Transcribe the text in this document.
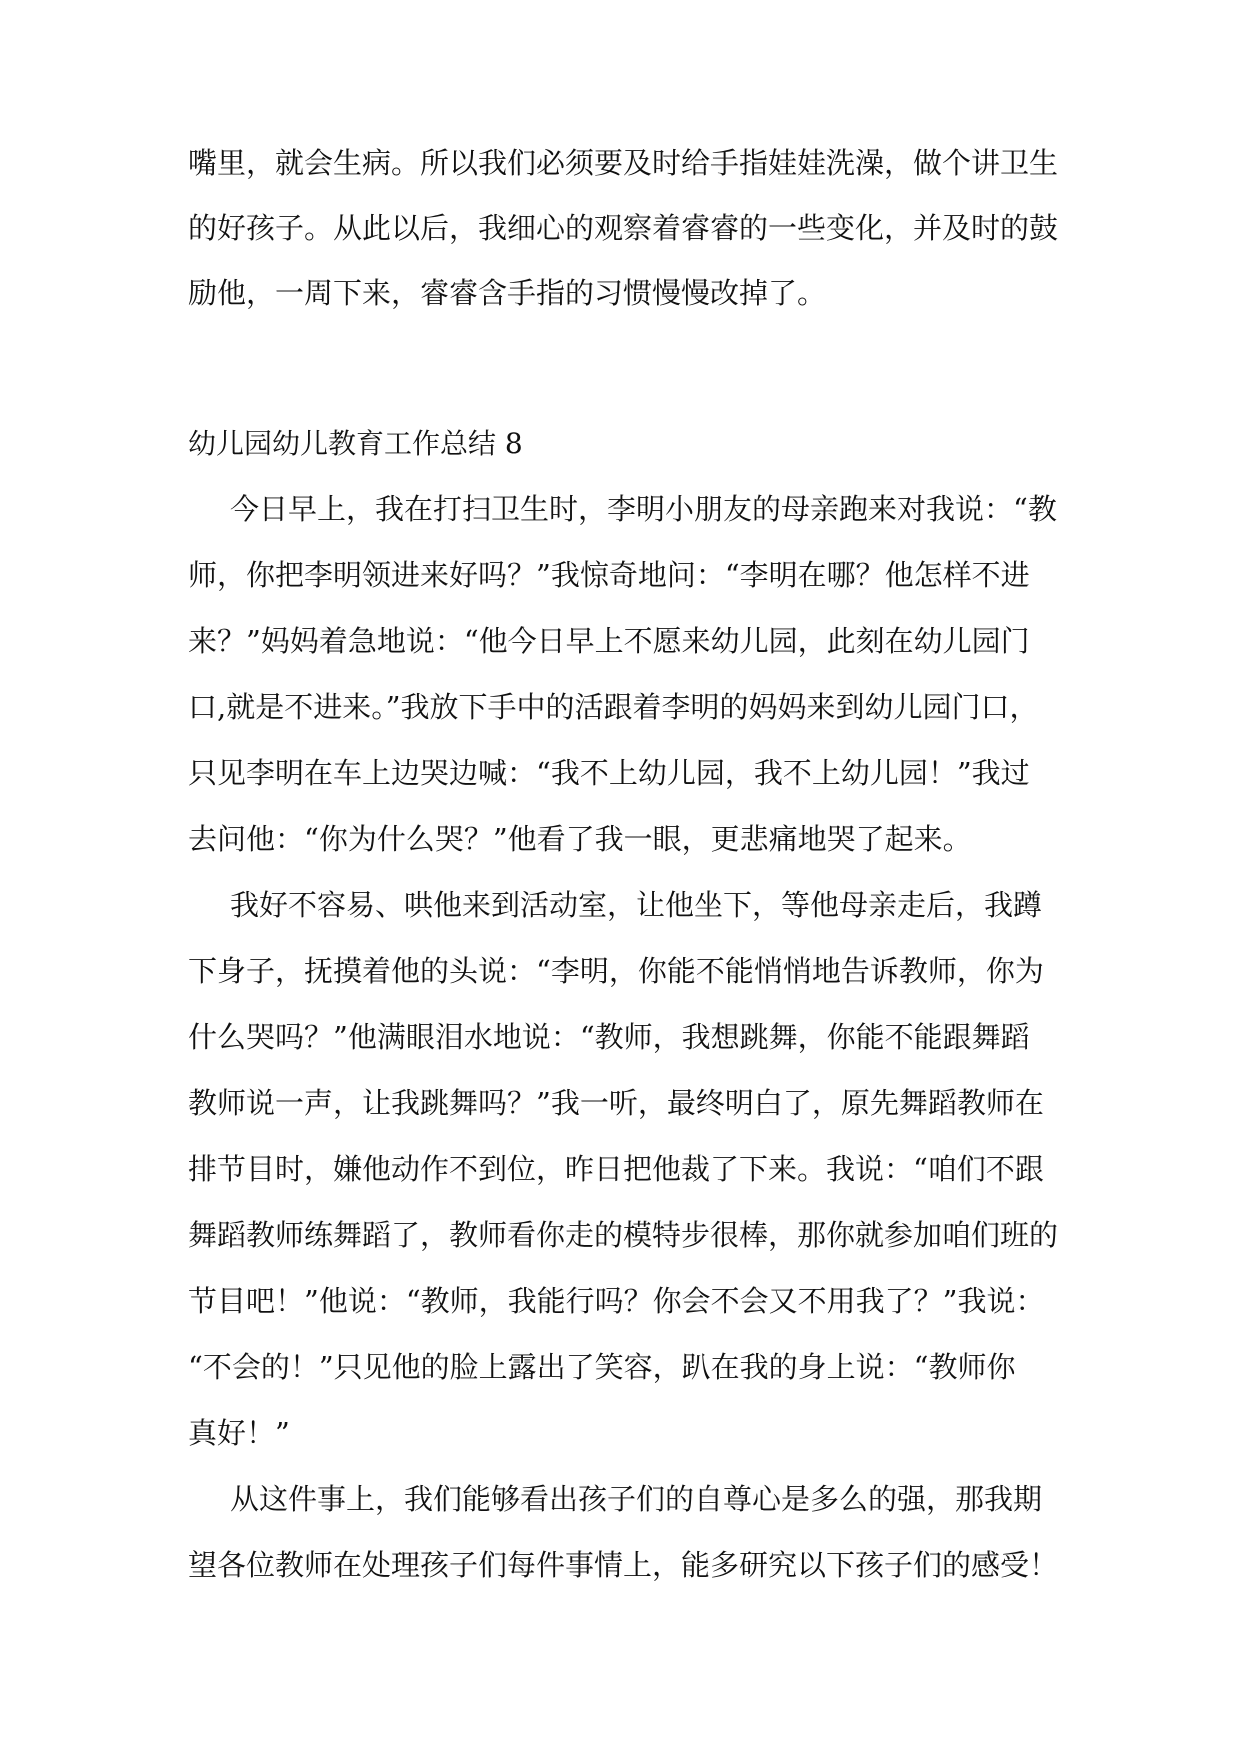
嘴里，就会生病。所以我们必须要及时给手指娃娃洗澡，做个讲卫生
的好孩子。从此以后，我细心的观察着睿睿的一些变化，并及时的鼓
励他，一周下来，睿睿含手指的习惯慢慢改掉了。
幼儿园幼儿教育工作总结 8
今日早上，我在打扫卫生时，李明小朋友的母亲跑来对我说：“教
师，你把李明领进来好吗？”我惊奇地问：“李明在哪？他怎样不进
来？”妈妈着急地说：“他今日早上不愿来幼儿园，此刻在幼儿园门
口,就是不进来。”我放下手中的活跟着李明的妈妈来到幼儿园门口，
只见李明在车上边哭边喊：“我不上幼儿园，我不上幼儿园！”我过
去问他：“你为什么哭？”他看了我一眼，更悲痛地哭了起来。
我好不容易、哄他来到活动室，让他坐下，等他母亲走后，我蹲
下身子，抚摸着他的头说：“李明，你能不能悄悄地告诉教师，你为
什么哭吗？”他满眼泪水地说：“教师，我想跳舞，你能不能跟舞蹈
教师说一声，让我跳舞吗？”我一听，最终明白了，原先舞蹈教师在
排节目时，嫌他动作不到位，昨日把他裁了下来。我说：“咱们不跟
舞蹈教师练舞蹈了，教师看你走的模特步很棒，那你就参加咱们班的
节目吧！”他说：“教师，我能行吗？你会不会又不用我了？”我说：
“不会的！”只见他的脸上露出了笑容，趴在我的身上说：“教师你
真好！”
从这件事上，我们能够看出孩子们的自尊心是多么的强，那我期
望各位教师在处理孩子们每件事情上，能多研究以下孩子们的感受！
